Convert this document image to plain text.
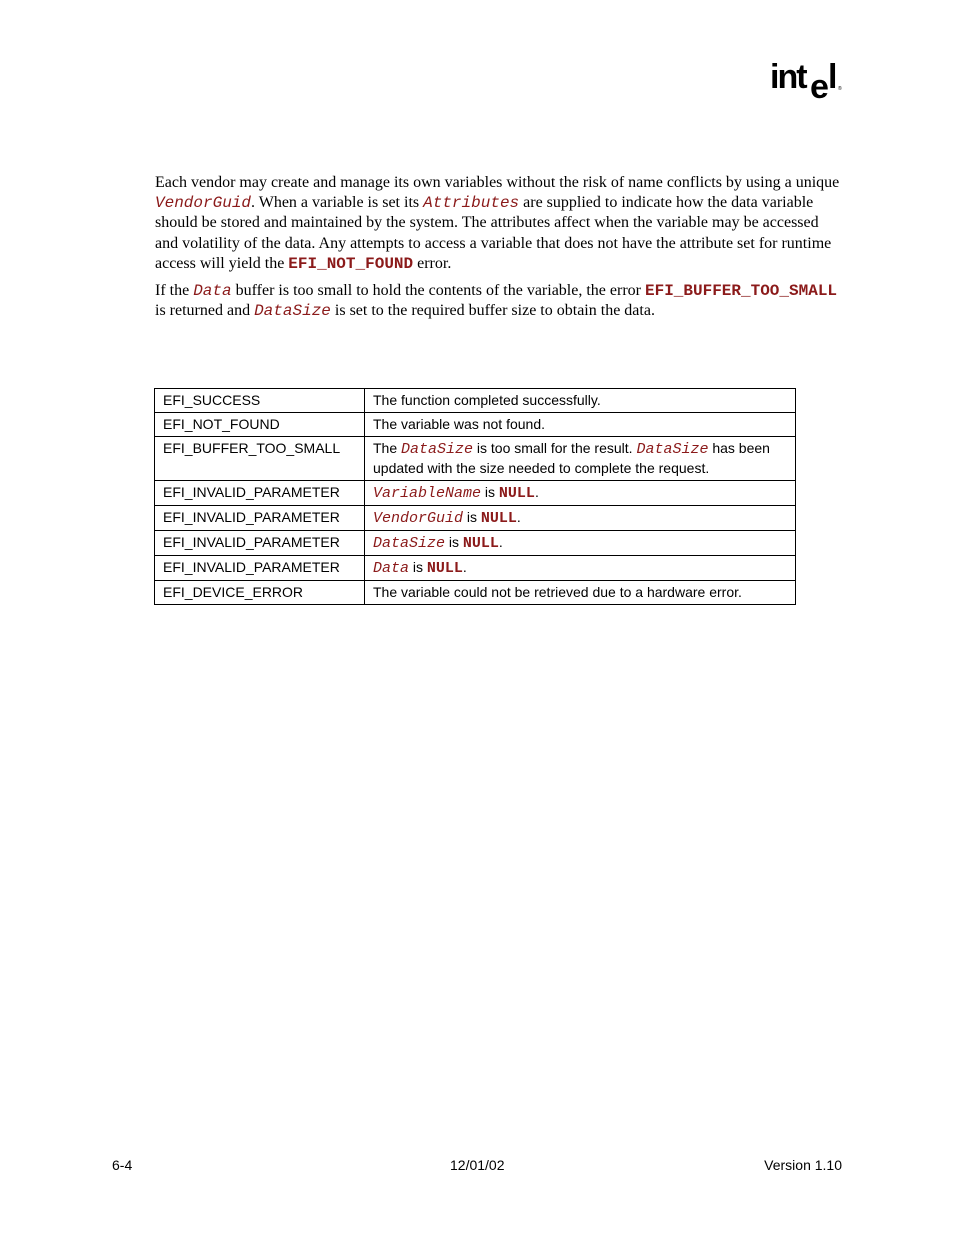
int e l ®

Each vendor may create and manage its own variables without the risk of name conflicts by using a unique VendorGuid. When a variable is set its Attributes are supplied to indicate how the data variable should be stored and maintained by the system. The attributes affect when the variable may be accessed and volatility of the data. Any attempts to access a variable that does not have the attribute set for runtime access will yield the EFI_NOT_FOUND error.

If the Data buffer is too small to hold the contents of the variable, the error EFI_BUFFER_TOO_SMALL is returned and DataSize is set to the required buffer size to obtain the data.

EFI_SUCCESS	The function completed successfully.
EFI_NOT_FOUND	The variable was not found.
EFI_BUFFER_TOO_SMALL	The DataSize is too small for the result. DataSize has been updated with the size needed to complete the request.
EFI_INVALID_PARAMETER	VariableName is NULL.
EFI_INVALID_PARAMETER	VendorGuid is NULL.
EFI_INVALID_PARAMETER	DataSize is NULL.
EFI_INVALID_PARAMETER	Data is NULL.
EFI_DEVICE_ERROR	The variable could not be retrieved due to a hardware error.
6-4	12/01/02	Version 1.10
